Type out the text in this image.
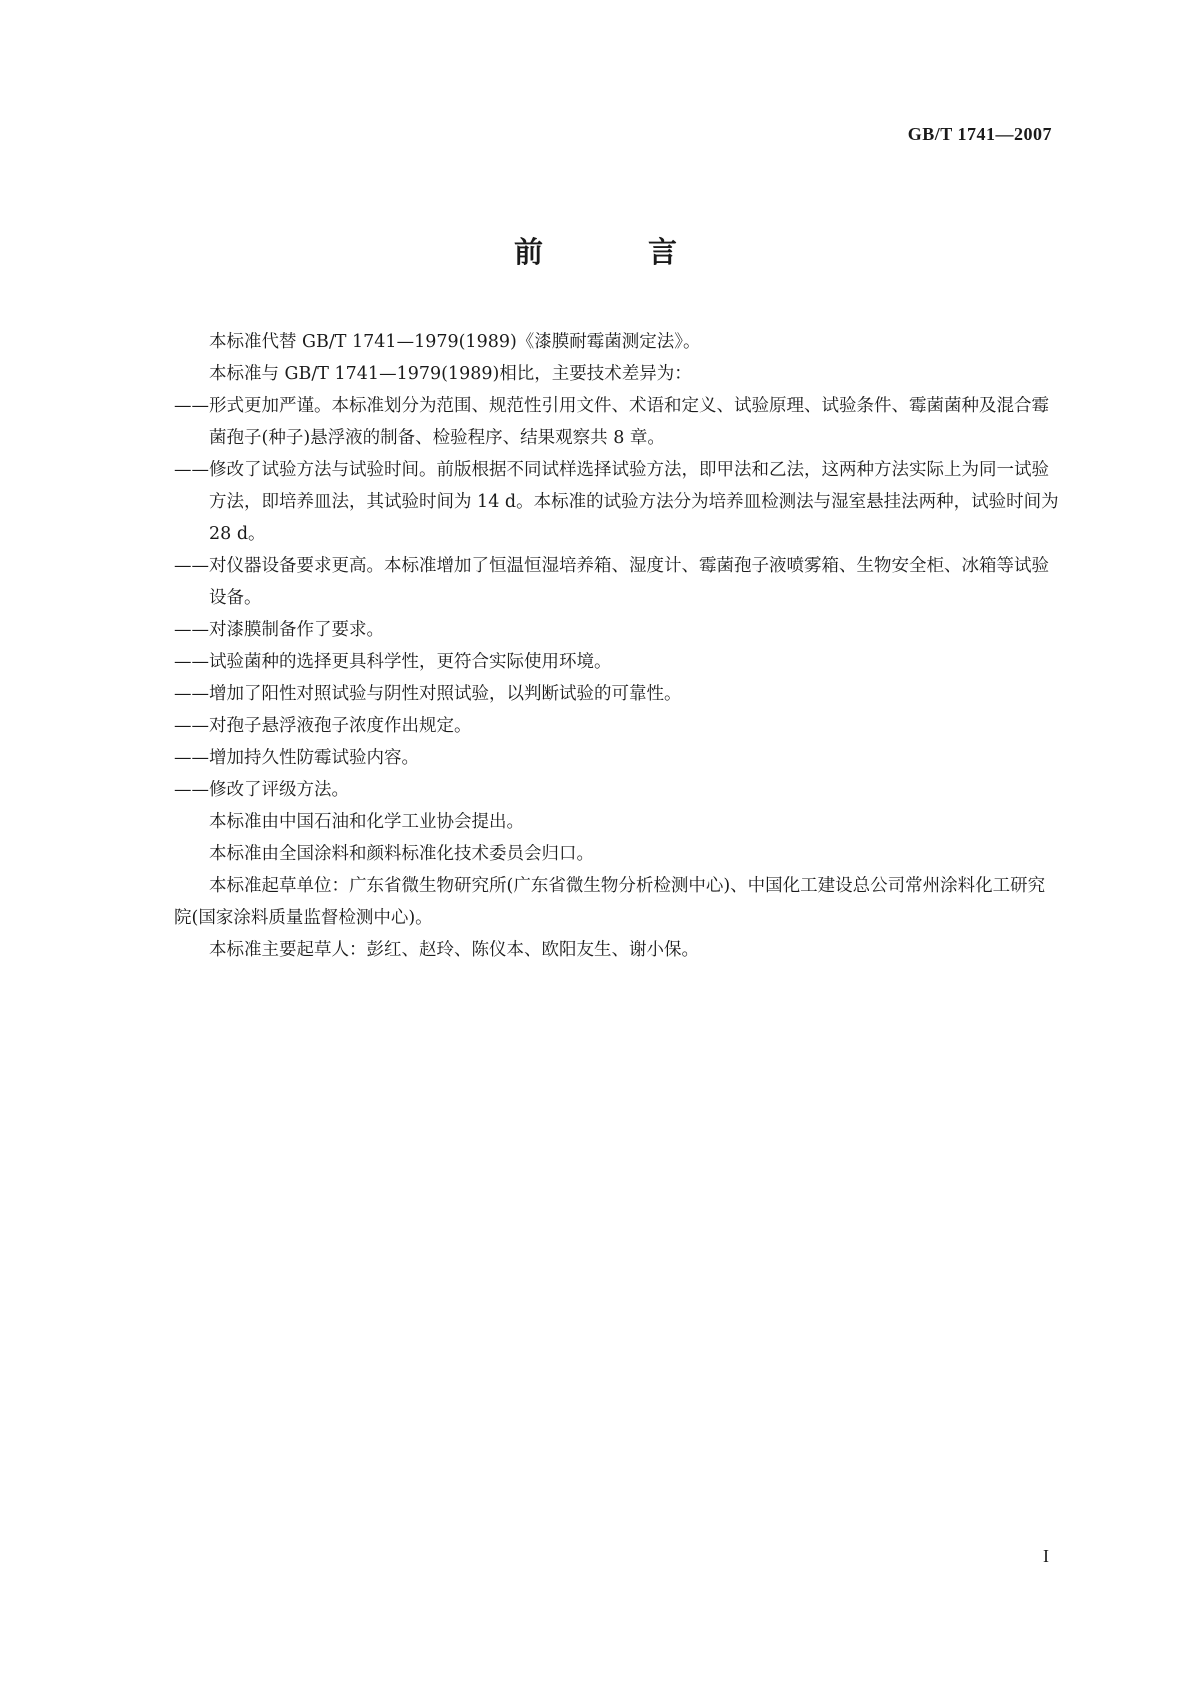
GB/T 1741—2007
前　言

本标准代替 GB/T 1741—1979(1989)《漆膜耐霉菌测定法》。

本标准与 GB/T 1741—1979(1989)相比，主要技术差异为：

——形式更加严谨。本标准划分为范围、规范性引用文件、术语和定义、试验原理、试验条件、霉菌菌种及混合霉菌孢子(种子)悬浮液的制备、检验程序、结果观察共 8 章。

——修改了试验方法与试验时间。前版根据不同试样选择试验方法，即甲法和乙法，这两种方法实际上为同一试验方法，即培养皿法，其试验时间为 14 d。本标准的试验方法分为培养皿检测法与湿室悬挂法两种，试验时间为 28 d。

——对仪器设备要求更高。本标准增加了恒温恒湿培养箱、湿度计、霉菌孢子液喷雾箱、生物安全柜、冰箱等试验设备。

——对漆膜制备作了要求。

——试验菌种的选择更具科学性，更符合实际使用环境。

——增加了阳性对照试验与阴性对照试验，以判断试验的可靠性。

——对孢子悬浮液孢子浓度作出规定。

——增加持久性防霉试验内容。

——修改了评级方法。

本标准由中国石油和化学工业协会提出。

本标准由全国涂料和颜料标准化技术委员会归口。

本标准起草单位：广东省微生物研究所(广东省微生物分析检测中心)、中国化工建设总公司常州涂料化工研究院(国家涂料质量监督检测中心)。

本标准主要起草人：彭红、赵玲、陈仪本、欧阳友生、谢小保。

I
